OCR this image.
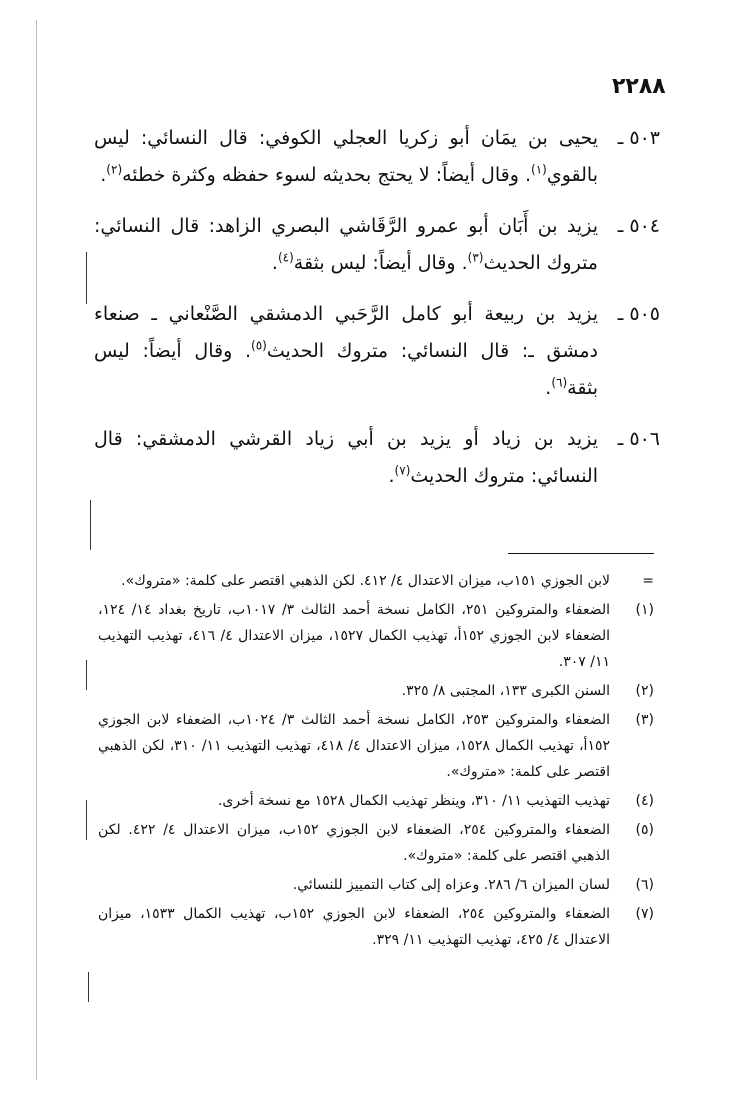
٢٢٨٨
٥٠٣ ـ
يحيى بن يمَان أبو زكريا العجلي الكوفي: قال النسائي: ليس بالقوي$^{(١)}$. وقال أيضاً: لا يحتج بحديثه لسوء حفظه وكثرة خطئه$^{(٢)}$.
٥٠٤ ـ
يزيد بن أَبَان أبو عمرو الرَّقَاشي البصري الزاهد: قال النسائي: متروك الحديث$^{(٣)}$. وقال أيضاً: ليس بثقة$^{(٤)}$.
٥٠٥ ـ
يزيد بن ربيعة أبو كامل الرَّحَبي الدمشقي الصَّنْعاني ـ صنعاء دمشق ـ: قال النسائي: متروك الحديث$^{(٥)}$. وقال أيضاً: ليس بثقة$^{(٦)}$.
٥٠٦ ـ
يزيد بن زياد أو يزيد بن أبي زياد القرشي الدمشقي: قال النسائي: متروك الحديث$^{(٧)}$.
=
لابن الجوزي ١٥١ب، ميزان الاعتدال ٤/ ٤١٢. لكن الذهبي اقتصر على كلمة: «متروك».
(١)
الضعفاء والمتروكين ٢٥١، الكامل نسخة أحمد الثالث ٣/ ١٠١٧ب، تاريخ بغداد ١٤/ ١٢٤، الضعفاء لابن الجوزي ١٥٢أ، تهذيب الكمال ١٥٢٧، ميزان الاعتدال ٤/ ٤١٦، تهذيب التهذيب ١١/ ٣٠٧.
(٢)
السنن الكبرى ١٣٣، المجتبى ٨/ ٣٢٥.
(٣)
الضعفاء والمتروكين ٢٥٣، الكامل نسخة أحمد الثالث ٣/ ١٠٢٤ب، الضعفاء لابن الجوزي ١٥٢أ، تهذيب الكمال ١٥٢٨، ميزان الاعتدال ٤/ ٤١٨، تهذيب التهذيب ١١/ ٣١٠، لكن الذهبي اقتصر على كلمة: «متروك».
(٤)
تهذيب التهذيب ١١/ ٣١٠، وينظر تهذيب الكمال ١٥٢٨ مع نسخة أخرى.
(٥)
الضعفاء والمتروكين ٢٥٤، الضعفاء لابن الجوزي ١٥٢ب، ميزان الاعتدال ٤/ ٤٢٢. لكن الذهبي اقتصر على كلمة: «متروك».
(٦)
لسان الميزان ٦/ ٢٨٦. وعزاه إلى كتاب التمييز للنسائي.
(٧)
الضعفاء والمتروكين ٢٥٤، الضعفاء لابن الجوزي ١٥٢ب، تهذيب الكمال ١٥٣٣، ميزان الاعتدال ٤/ ٤٢٥، تهذيب التهذيب ١١/ ٣٢٩.
